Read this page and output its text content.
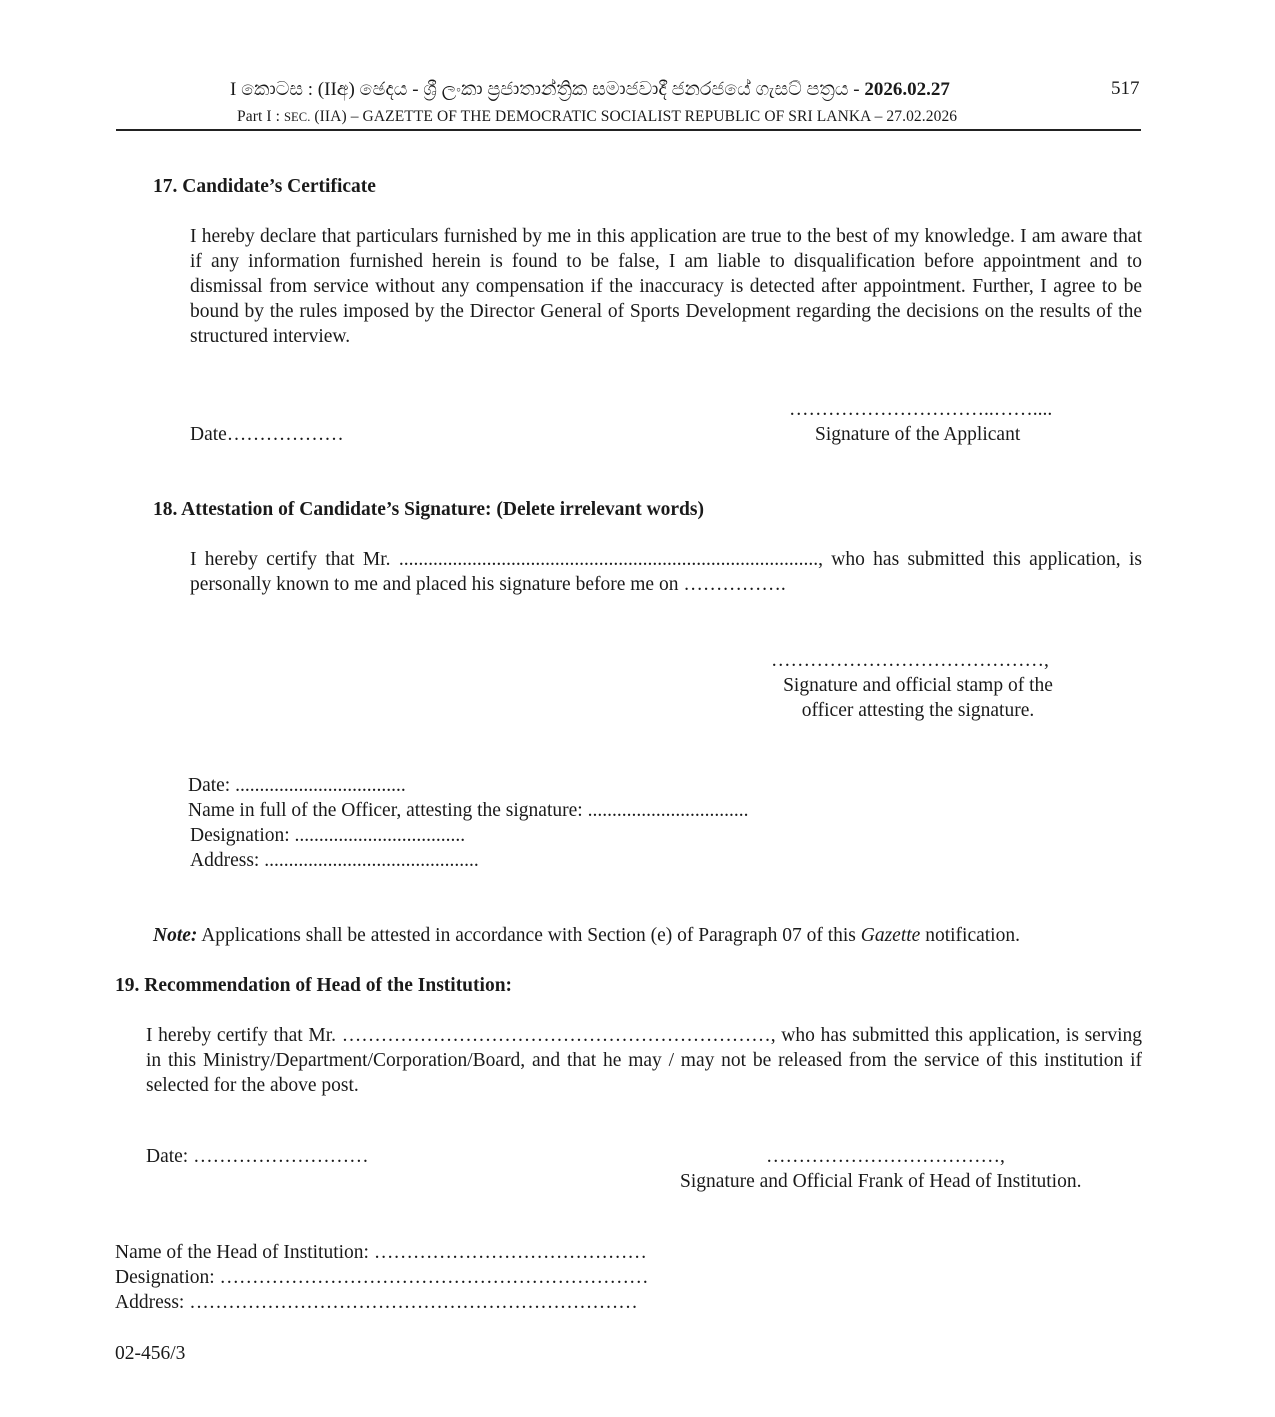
I කොටස : (IIඅ) ඡෙදය - ශ්‍රී ලංකා ප්‍රජාතාන්ත්‍රික සමාජවාදී ජනරජයේ ගැසට් පත්‍රය - 2026.02.27	517

Part I : SEC. (IIA) – GAZETTE OF THE DEMOCRATIC SOCIALIST REPUBLIC OF SRI LANKA – 27.02.2026

17. Candidate’s Certificate

I hereby declare that particulars furnished by me in this application are true to the best of my knowledge. I am aware that if any information furnished herein is found to be false, I am liable to disqualification before appointment and to dismissal from service without any compensation if the inaccuracy is detected after appointment. Further, I agree to be bound by the rules imposed by the Director General of Sports Development regarding the decisions on the results of the structured interview.

…………………………..……....

Date………………	Signature of the Applicant

18. Attestation of Candidate’s Signature: (Delete irrelevant words)

I hereby certify that Mr. ......................................................................................, who has submitted this application, is personally known to me and placed his signature before me on …………….

……………………………………,

Signature and official stamp of the
officer attesting the signature.

Date: ...................................

Name in full of the Officer, attesting the signature: .................................

Designation: ...................................

Address: ............................................

Note: Applications shall be attested in accordance with Section (e) of Paragraph 07 of this Gazette notification.

19. Recommendation of Head of the Institution:

I hereby certify that Mr. …………………………………………………………, who has submitted this application, is serving in this Ministry/Department/Corporation/Board, and that he may / may not be released from the service of this institution if selected for the above post.

Date: ………………………	………………………………,

Signature and Official Frank of Head of Institution.

Name of the Head of Institution: ……………………………………

Designation: …………………………………………………………

Address: ……………………………………………………………

02-456/3
